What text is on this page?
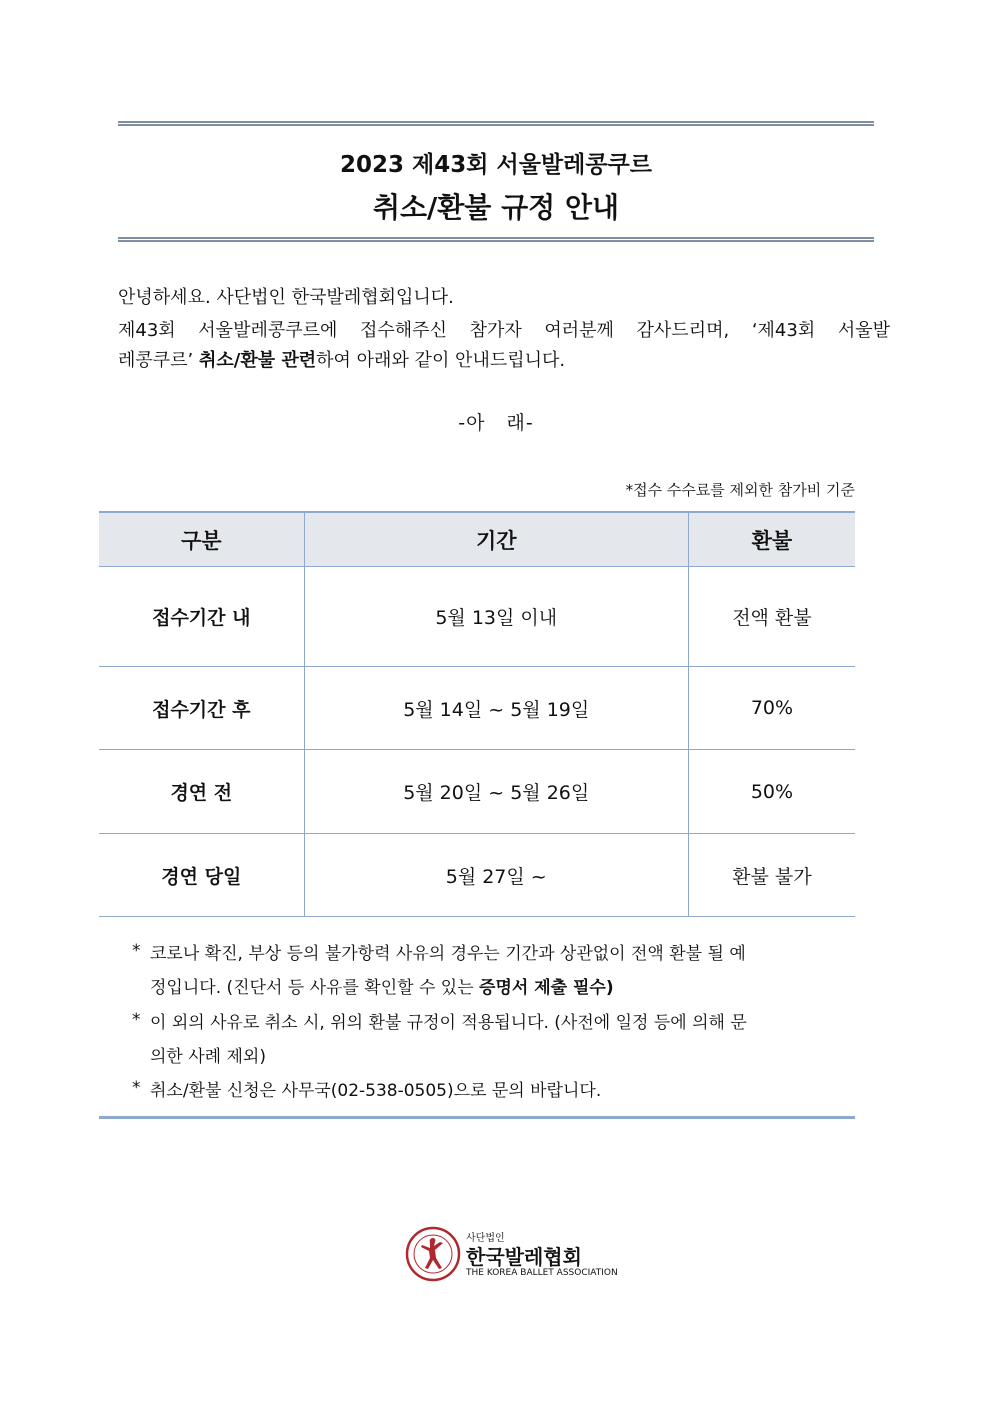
2023 제43회 서울발레콩쿠르
취소/환불 규정 안내
안녕하세요. 사단법인 한국발레협회입니다.
제43회 서울발레콩쿠르에 접수해주신 참가자 여러분께 감사드리며, ‘제43회 서울발
레콩쿠르’ 취소/환불 관련하여 아래와 같이 안내드립니다.
-아   래-
*접수 수수료를 제외한 참가비 기준
구분	기간	환불
접수기간 내	5월 13일 이내	전액 환불
접수기간 후	5월 14일 ~ 5월 19일	70%
경연 전	5월 20일 ~ 5월 26일	50%
경연 당일	5월 27일 ~	환불 불가
* 코로나 확진, 부상 등의 불가항력 사유의 경우는 기간과 상관없이 전액 환불 될 예
정입니다. (진단서 등 사유를 확인할 수 있는 증명서 제출 필수)
* 이 외의 사유로 취소 시, 위의 환불 규정이 적용됩니다. (사전에 일정 등에 의해 문
의한 사례 제외)
* 취소/환불 신청은 사무국(02-538-0505)으로 문의 바랍니다.
사단법인
한국발레협회
THE KOREA BALLET ASSOCIATION
